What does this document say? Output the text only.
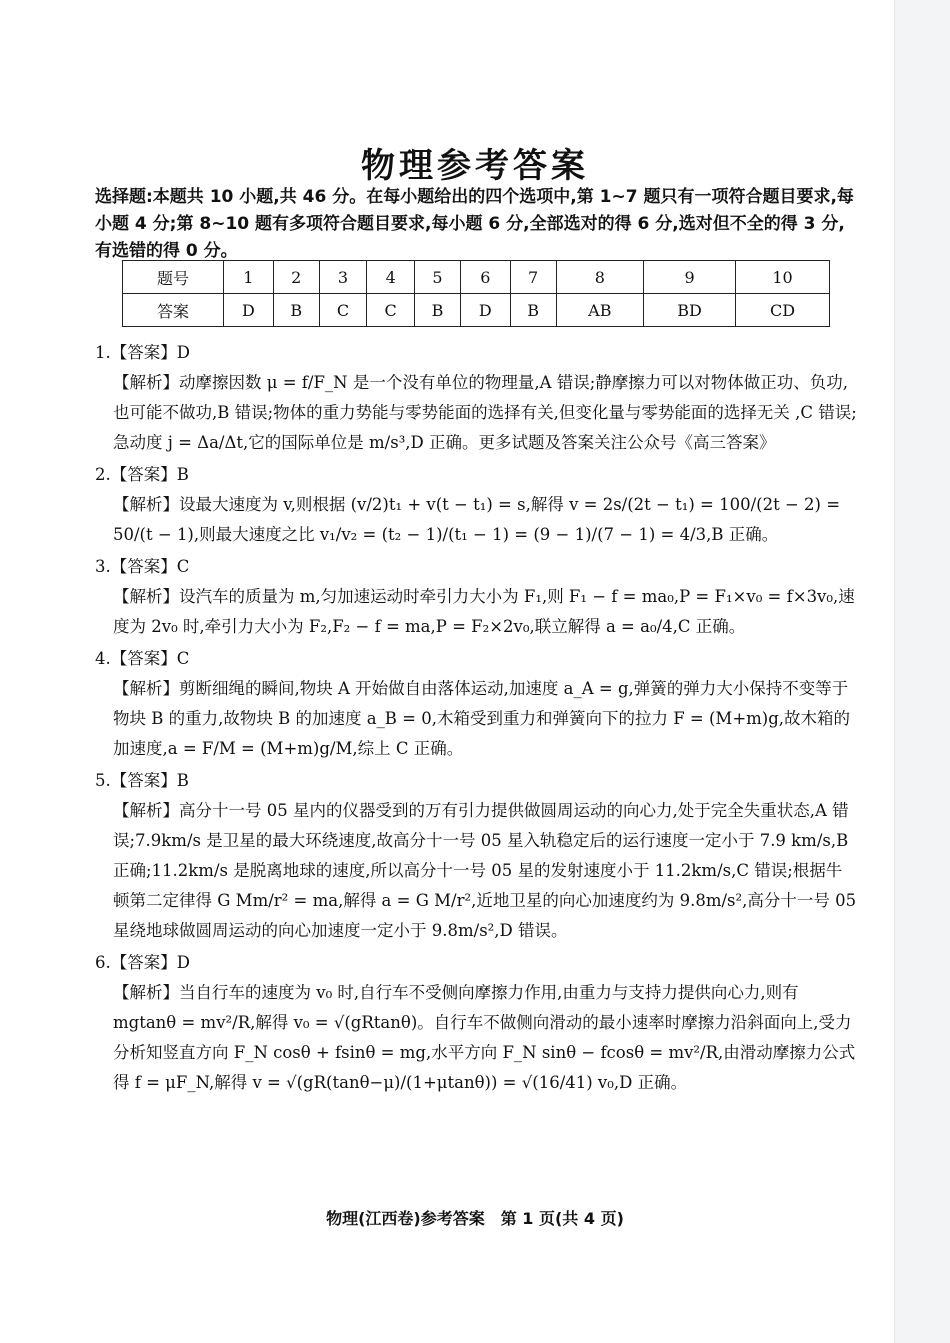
物理参考答案
选择题:本题共 10 小题,共 46 分。在每小题给出的四个选项中,第 1~7 题只有一项符合题目要求,每小题 4 分;第 8~10 题有多项符合题目要求,每小题 6 分,全部选对的得 6 分,选对但不全的得 3 分,有选错的得 0 分。
题号	1	2	3	4	5	6	7	8	9	10
答案	D	B	C	C	B	D	B	AB	BD	CD

1.【答案】D

【解析】动摩擦因数 μ = f/F_N 是一个没有单位的物理量,A 错误;静摩擦力可以对物体做正功、负功,也可能不做功,B 错误;物体的重力势能与零势能面的选择有关,但变化量与零势能面的选择无关 ,C 错误;急动度 j = Δa/Δt,它的国际单位是 m/s³,D 正确。更多试题及答案关注公众号《高三答案》

2.【答案】B

【解析】设最大速度为 v,则根据 (v/2)t₁ + v(t − t₁) = s,解得 v = 2s/(2t − t₁) = 100/(2t − 2) = 50/(t − 1),则最大速度之比 v₁/v₂ = (t₂ − 1)/(t₁ − 1) = (9 − 1)/(7 − 1) = 4/3,B 正确。

3.【答案】C

【解析】设汽车的质量为 m,匀加速运动时牵引力大小为 F₁,则 F₁ − f = ma₀,P = F₁×v₀ = f×3v₀,速度为 2v₀ 时,牵引力大小为 F₂,F₂ − f = ma,P = F₂×2v₀,联立解得 a = a₀/4,C 正确。

4.【答案】C

【解析】剪断细绳的瞬间,物块 A 开始做自由落体运动,加速度 a_A = g,弹簧的弹力大小保持不变等于物块 B 的重力,故物块 B 的加速度 a_B = 0,木箱受到重力和弹簧向下的拉力 F = (M+m)g,故木箱的加速度,a = F/M = (M+m)g/M,综上 C 正确。

5.【答案】B

【解析】高分十一号 05 星内的仪器受到的万有引力提供做圆周运动的向心力,处于完全失重状态,A 错误;7.9km/s 是卫星的最大环绕速度,故高分十一号 05 星入轨稳定后的运行速度一定小于 7.9 km/s,B 正确;11.2km/s 是脱离地球的速度,所以高分十一号 05 星的发射速度小于 11.2km/s,C 错误;根据牛顿第二定律得 G Mm/r² = ma,解得 a = G M/r²,近地卫星的向心加速度约为 9.8m/s²,高分十一号 05 星绕地球做圆周运动的向心加速度一定小于 9.8m/s²,D 错误。

6.【答案】D

【解析】当自行车的速度为 v₀ 时,自行车不受侧向摩擦力作用,由重力与支持力提供向心力,则有 mgtanθ = mv²/R,解得 v₀ = √(gRtanθ)。自行车不做侧向滑动的最小速率时摩擦力沿斜面向上,受力分析知竖直方向 F_N cosθ + fsinθ = mg,水平方向 F_N sinθ − fcosθ = mv²/R,由滑动摩擦力公式得 f = μF_N,解得 v = √(gR(tanθ−μ)/(1+μtanθ)) = √(16/41) v₀,D 正确。

物理(江西卷)参考答案　第 1 页(共 4 页)
